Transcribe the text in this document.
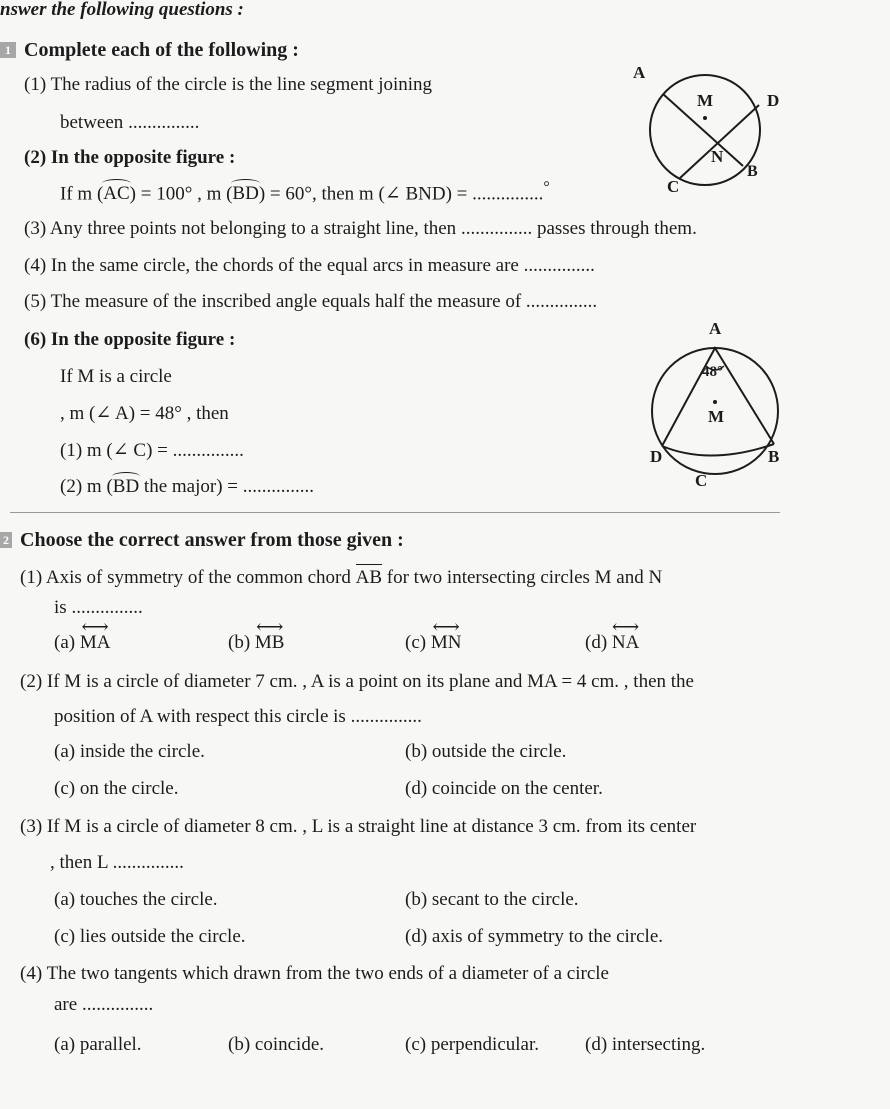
nswer the following questions :
1 Complete each of the following :
(1) The radius of the circle is the line segment joining
between ...............
(2) In the opposite figure :
If m (AC) = 100° , m (BD) = 60°, then m (∠ BND) = ...............°
A
M	D
N
B
C
(3) Any three points not belonging to a straight line, then ............... passes through them.
(4) In the same circle, the chords of the equal arcs in measure are ...............
(5) The measure of the inscribed angle equals half the measure of ...............
(6) In the opposite figure :
If M is a circle
, m (∠ A) = 48° , then
(1) m (∠ C) = ...............
(2) m (BD the major) = ...............
A
48°
M
D	B
C
2 Choose the correct answer from those given :
(1) Axis of symmetry of the common chord AB for two intersecting circles M and N
is ...............
(a) ⟷ MA	(b) ⟷ MB	(c) ⟷ MN	(d) ⟷ NA
(2) If M is a circle of diameter 7 cm. , A is a point on its plane and MA = 4 cm. , then the
position of A with respect this circle is ...............
(a) inside the circle.	(b) outside the circle.
(c) on the circle.	(d) coincide on the center.
(3) If M is a circle of diameter 8 cm. , L is a straight line at distance 3 cm. from its center
, then L ...............
(a) touches the circle.	(b) secant to the circle.
(c) lies outside the circle.	(d) axis of symmetry to the circle.
(4) The two tangents which drawn from the two ends of a diameter of a circle
are ...............
(a) parallel.	(b) coincide.	(c) perpendicular. (d) intersecting.
